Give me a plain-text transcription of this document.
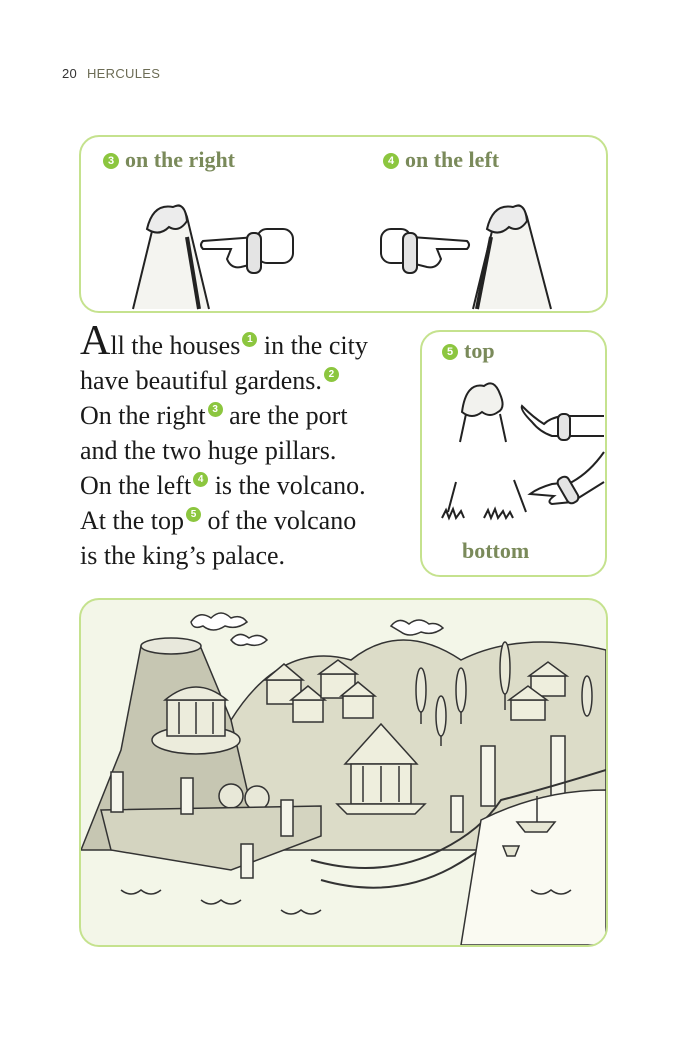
20 HERCULES
3 on the right	4 on the left
All the houses 1 in the city
have beautiful gardens. 2
On the right 3 are the port
and the two huge pillars.
On the left 4 is the volcano.
At the top 5 of the volcano
is the king’s palace.
5 top
bottom
